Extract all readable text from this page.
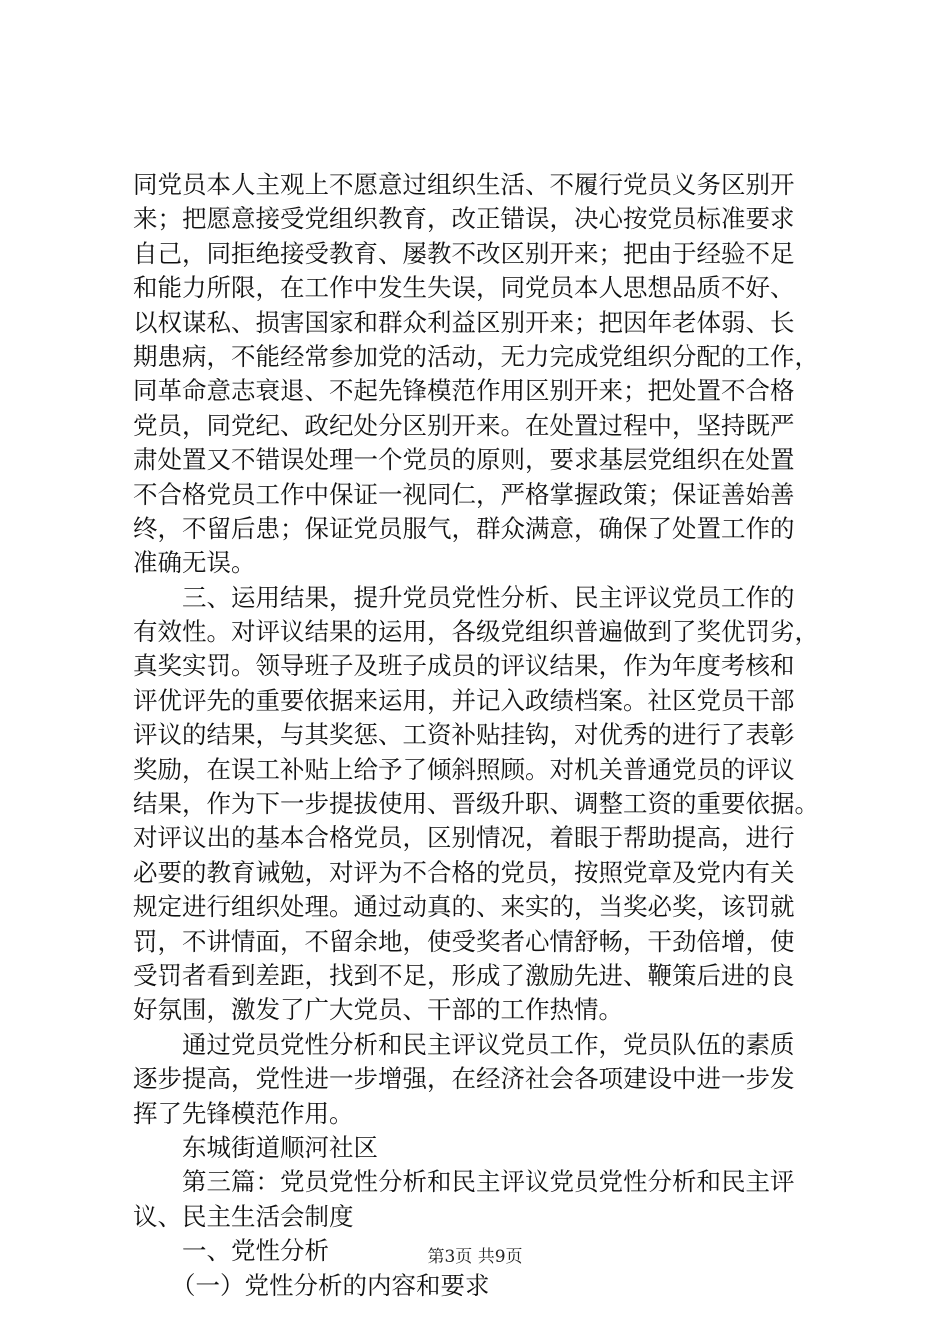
同党员本人主观上不愿意过组织生活、不履行党员义务区别开
来；把愿意接受党组织教育，改正错误，决心按党员标准要求
自己，同拒绝接受教育、屡教不改区别开来；把由于经验不足
和能力所限，在工作中发生失误，同党员本人思想品质不好、
以权谋私、损害国家和群众利益区别开来；把因年老体弱、长
期患病，不能经常参加党的活动，无力完成党组织分配的工作，
同革命意志衰退、不起先锋模范作用区别开来；把处置不合格
党员，同党纪、政纪处分区别开来。在处置过程中，坚持既严
肃处置又不错误处理一个党员的原则，要求基层党组织在处置
不合格党员工作中保证一视同仁，严格掌握政策；保证善始善
终，不留后患；保证党员服气，群众满意，确保了处置工作的
准确无误。
三、运用结果，提升党员党性分析、民主评议党员工作的
有效性。对评议结果的运用，各级党组织普遍做到了奖优罚劣，
真奖实罚。领导班子及班子成员的评议结果，作为年度考核和
评优评先的重要依据来运用，并记入政绩档案。社区党员干部
评议的结果，与其奖惩、工资补贴挂钩，对优秀的进行了表彰
奖励，在误工补贴上给予了倾斜照顾。对机关普通党员的评议
结果，作为下一步提拔使用、晋级升职、调整工资的重要依据。
对评议出的基本合格党员，区别情况，着眼于帮助提高，进行
必要的教育诫勉，对评为不合格的党员，按照党章及党内有关
规定进行组织处理。通过动真的、来实的，当奖必奖，该罚就
罚，不讲情面，不留余地，使受奖者心情舒畅，干劲倍增，使
受罚者看到差距，找到不足，形成了激励先进、鞭策后进的良
好氛围，激发了广大党员、干部的工作热情。
通过党员党性分析和民主评议党员工作，党员队伍的素质
逐步提高，党性进一步增强，在经济社会各项建设中进一步发
挥了先锋模范作用。
东城街道顺河社区
第三篇：党员党性分析和民主评议党员党性分析和民主评
议、民主生活会制度
一、党性分析
（一）党性分析的内容和要求
第3页 共9页
